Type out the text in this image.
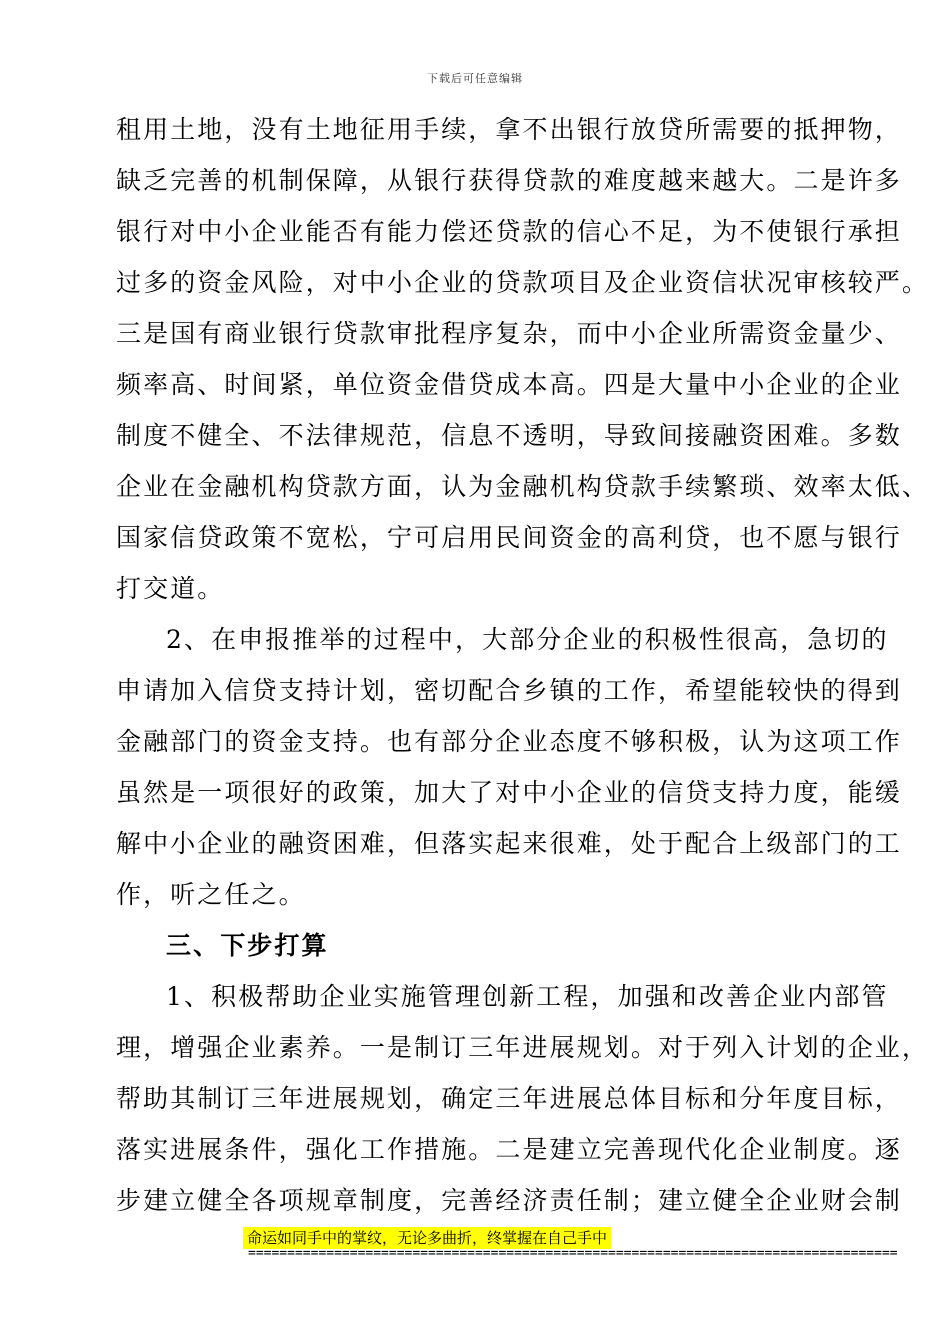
下载后可任意编辑
租用土地，没有土地征用手续，拿不出银行放贷所需要的抵押物，
缺乏完善的机制保障，从银行获得贷款的难度越来越大。二是许多
银行对中小企业能否有能力偿还贷款的信心不足，为不使银行承担
过多的资金风险，对中小企业的贷款项目及企业资信状况审核较严。
三是国有商业银行贷款审批程序复杂，而中小企业所需资金量少、
频率高、时间紧，单位资金借贷成本高。四是大量中小企业的企业
制度不健全、不法律规范，信息不透明，导致间接融资困难。多数
企业在金融机构贷款方面，认为金融机构贷款手续繁琐、效率太低、
国家信贷政策不宽松，宁可启用民间资金的高利贷，也不愿与银行
打交道。
2、在申报推举的过程中，大部分企业的积极性很高，急切的
申请加入信贷支持计划，密切配合乡镇的工作，希望能较快的得到
金融部门的资金支持。也有部分企业态度不够积极，认为这项工作
虽然是一项很好的政策，加大了对中小企业的信贷支持力度，能缓
解中小企业的融资困难，但落实起来很难，处于配合上级部门的工
作，听之任之。
三、下步打算
1、积极帮助企业实施管理创新工程，加强和改善企业内部管
理，增强企业素养。一是制订三年进展规划。对于列入计划的企业，
帮助其制订三年进展规划，确定三年进展总体目标和分年度目标，
落实进展条件，强化工作措施。二是建立完善现代化企业制度。逐
步建立健全各项规章制度，完善经济责任制；建立健全企业财会制
命运如同手中的掌纹，无论多曲折，终掌握在自己手中
===================================================================================
